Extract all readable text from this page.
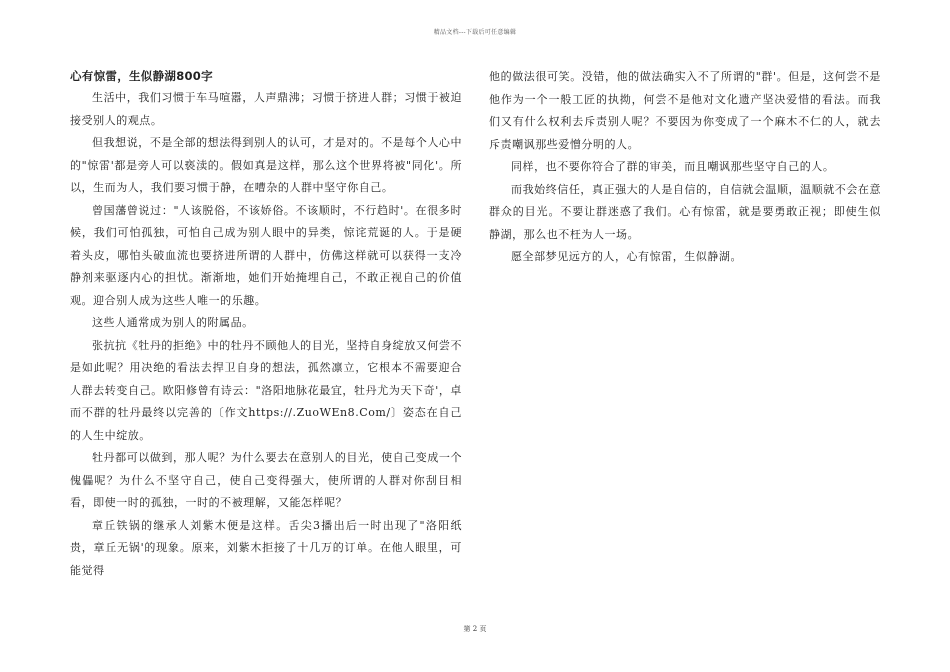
精品文档---下载后可任意编辑
心有惊雷，生似静湖800字

生活中，我们习惯于车马喧嚣，人声鼎沸；习惯于挤进人群；习惯于被迫接受别人的观点。

但我想说，不是全部的想法得到别人的认可，才是对的。不是每个人心中的"惊雷'都是旁人可以亵渎的。假如真是这样，那么这个世界将被"同化'。所以，生而为人，我们要习惯于静，在嘈杂的人群中坚守你自己。

曾国藩曾说过："人该脱俗，不该娇俗。不该顺时，不行趋时'。在很多时候，我们可怕孤独，可怕自己成为别人眼中的异类，惊诧荒诞的人。于是硬着头皮，哪怕头破血流也要挤进所谓的人群中，仿佛这样就可以获得一支冷静剂来驱逐内心的担忧。渐渐地，她们开始掩埋自己，不敢正视自己的价值观。迎合别人成为这些人唯一的乐趣。

这些人通常成为别人的附属品。

张抗抗《牡丹的拒绝》中的牡丹不顾他人的目光，坚持自身绽放又何尝不是如此呢？用决绝的看法去捍卫自身的想法，孤然凛立，它根本不需要迎合人群去转变自己。欧阳修曾有诗云："洛阳地脉花最宜，牡丹尤为天下奇'，卓而不群的牡丹最终以完善的〔作文https://.ZuoWEn8.Com/〕姿态在自己的人生中绽放。

牡丹都可以做到，那人呢？为什么要去在意别人的目光，使自己变成一个傀儡呢？为什么不坚守自己，使自己变得强大，使所谓的人群对你刮目相看，即使一时的孤独，一时的不被理解，又能怎样呢？

章丘铁锅的继承人刘紫木便是这样。舌尖3播出后一时出现了"洛阳纸贵，章丘无锅'的现象。原来，刘紫木拒接了十几万的订单。在他人眼里，可能觉得

他的做法很可笑。没错，他的做法确实入不了所谓的"群'。但是，这何尝不是他作为一个一般工匠的执拗，何尝不是他对文化遗产坚决爱惜的看法。而我们又有什么权利去斥责别人呢？不要因为你变成了一个麻木不仁的人，就去斥责嘲讽那些爱憎分明的人。

同样，也不要你符合了群的审美，而且嘲讽那些坚守自己的人。

而我始终信任，真正强大的人是自信的，自信就会温顺，温顺就不会在意群众的目光。不要让群迷惑了我们。心有惊雷，就是要勇敢正视；即使生似静湖，那么也不枉为人一场。

愿全部梦见远方的人，心有惊雷，生似静湖。

第 2 页
